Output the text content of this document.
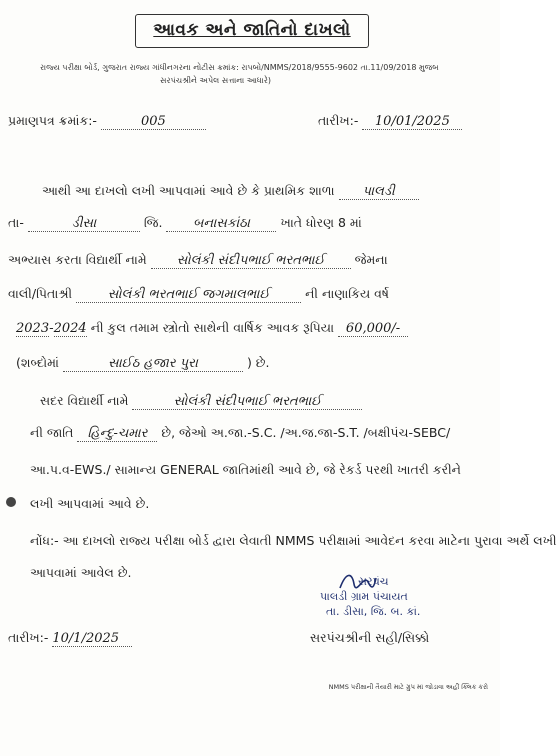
આવક અને જાતિનો દાખલો
રાજ્ય પરીક્ષા બોર્ડ, ગુજરાત રાજ્ય ગાંધીનગરના નોટીસ ક્રમાંક: રાપબો/NMMS/2018/9555-9602 તા.11/09/2018 મુજબ
સરપંચશ્રીને અપેલ સત્તાના આધારે)
પ્રમાણપત્ર ક્રમાંક:-	005	તારીખ:- 10/01/2025
આથી આ દાખલો લખી આપવામાં આવે છે કે પ્રાથમિક શાળા પાલડી
તા-	ડીસા	જિ. બનાસકાંઠા ખાતે ધોરણ 8 માં
અભ્યાસ કરતા વિદ્યાર્થી નામે સોલંકી સંદીપભાઈ ભરતભાઈ જેમના
વાલી/પિતાશ્રી	સોલંકી ભરતભાઈ જગમાલભાઈ	ની નાણાકિય વર્ષ
2023-2024 ની કુલ તમામ સ્ત્રોતો સાથેની વાર્ષિક આવક રૂપિયા 60,000/-
(શબ્દોમાં	સાઈઠ હજાર પુરા	) છે.
સદર વિદ્યાર્થી નામે	સોલંકી સંદીપભાઈ ભરતભાઈ
ની જાતિ હિન્દુ-ચમાર છે, જેઓ અ.જા.-S.C. /અ.જ.જા-S.T. /બક્ષીપંચ-SEBC/
આ.પ.વ-EWS./ સામાન્ય GENERAL જાતિમાંથી આવે છે, જે રેકર્ડ પરથી ખાતરી કરીને
લખી આપવામાં આવે છે.
નોંધ:- આ દાખલો રાજ્ય પરીક્ષા બોર્ડ દ્વારા લેવાતી NMMS પરીક્ષામાં આવેદન કરવા માટેના પુરાવા અર્થે લખી
આપવામાં આવેલ છે.
સરપંચ
પાલડી ગ્રામ પંચાયત
તા. ડીસા, જિ. બ. કાં.
સરપંચશ્રીની સહી/સિક્કો
તારીખ:- 10/1/2025
NMMS પરીક્ષાની તૈયારી માટે ગ્રુપ માં જોડાવા અહીં ક્લિક કરો
